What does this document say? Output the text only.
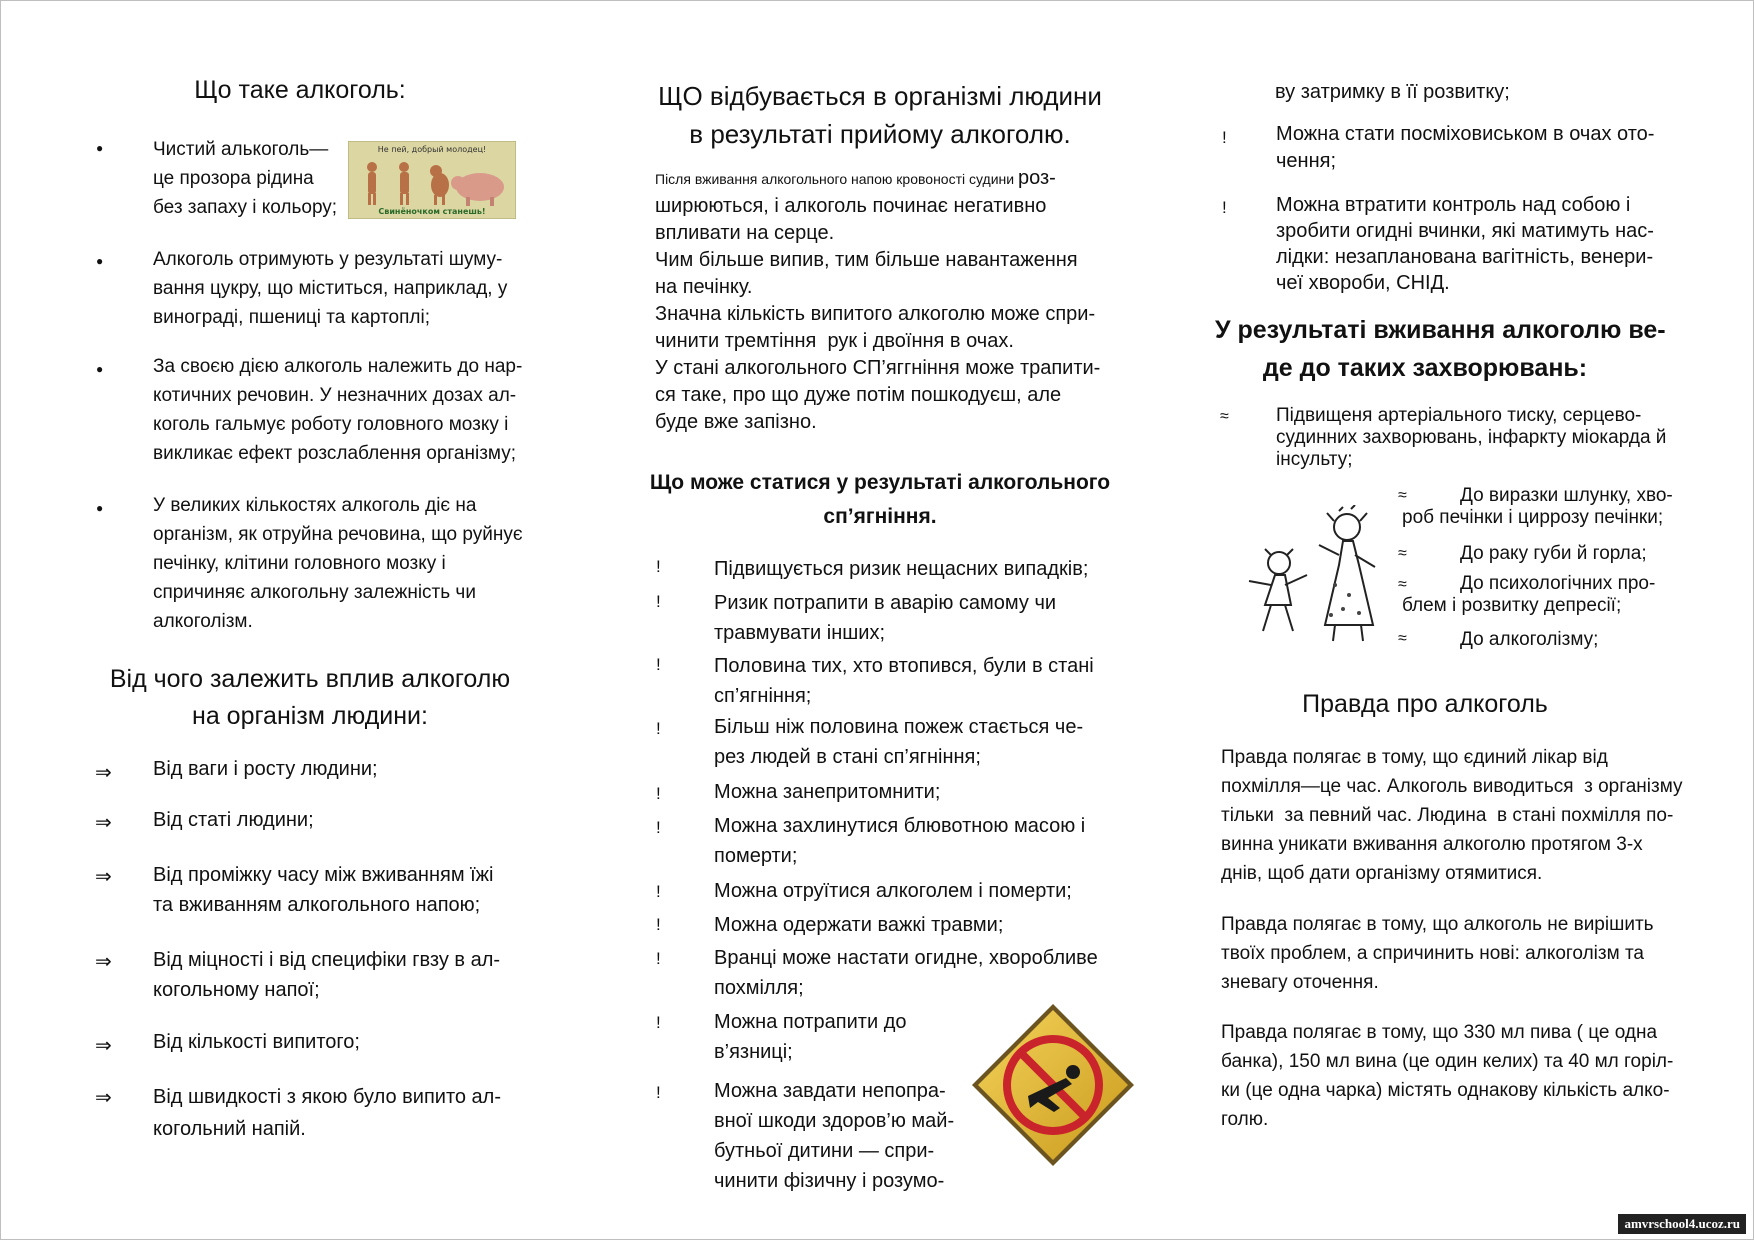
Що таке алкоголь:
Не пей, добрый молодец!
Свинёночком станешь!
●	Чистий алькоголь—
це прозора рідина
без запаху і кольору;
●	Алкоголь отримують у результаті шуму-
вання цукру, що міститься, наприклад, у
винограді, пшениці та картоплі;
●	За своєю дією алкоголь належить до нар-
котичних речовин. У незначних дозах ал-
коголь гальмує роботу головного мозку і
викликає ефект розслаблення організму;
●	У великих кількостях алкоголь діє на
організм, як отруйна речовина, що руйнує
печінку, клітини головного мозку і
спричиняє алкогольну залежність чи
алкоголізм.
Від чого залежить вплив алкоголю
на організм людини:
⇒ Від ваги і росту людини;
⇒ Від статі людини;
⇒ Від проміжку часу між вживанням їжі
та вживанням алкогольного напою;
⇒ Від міцності і від специфіки гвзу в ал-
когольному напої;
⇒ Від кількості випитого;
⇒ Від швидкості з якою було випито ал-
когольний напій.
ЩО відбувається в організмі людини
в результаті прийому алкоголю.
Після вживання алкогольного напою кровоності судини роз-
ширюються, і алкоголь починає негативно
впливати на серце.
Чим більше випив, тим більше навантаження
на печінку.
Значна кількість випитого алкоголю може спри-
чинити тремтіння  рук і двоїння в очах.
У стані алкогольного СП’яггніння може трапити-
ся таке, про що дуже потім пошкодуєш, але
буде вже запізно.
Що може статися у результаті алкогольного
сп’ягніння.
!	Підвищується ризик нещасних випадків;
!	Ризик потрапити в аварію самому чи
травмувати інших;
!	Половина тих, хто втопився, були в стані
сп’ягніння;
!	Більш ніж половина пожеж стається че-
рез людей в стані сп’ягніння;
!	Можна занепритомнити;
!	Можна захлинутися блювотною масою і
померти;
!	Можна отруїтися алкоголем і померти;
!	Можна одержати важкі травми;
!	Вранці може настати огидне, хворобливе
похмілля;
!	Можна потрапити до
в’язниці;
!	Можна завдати непопра-
вної шкоди здоров’ю май-
бутньої дитини — спри-
чинити фізичну і розумо-
ву затримку в її розвитку;
! Можна стати посміховиськом в очах ото-
чення;
! Можна втратити контроль над собою і
зробити огидні вчинки, які матимуть нас-
лідки: незапланована вагітність, венери-
чеї хвороби, СНІД.
У результаті вживання алкоголю ве-
де до таких захворювань:
≈ Підвищеня артеріального тиску, серцево-
судинних захворювань, інфаркту міокарда й
інсульту;
≈	До виразки шлунку, хво-
роб печінки і циррозу печінки;
≈	До раку губи й горла;
≈	До психологічних про-
блем і розвитку депресії;
≈	До алкоголізму;
Правда про алкоголь
Правда полягає в тому, що єдиний лікар від
похмілля—це час. Алкоголь виводиться  з організму
тільки  за певний час. Людина  в стані похмілля по-
винна уникати вживання алкоголю протягом 3-х
днів, щоб дати організму отямитися.
Правда полягає в тому, що алкоголь не вирішить
твоїх проблем, а спричинить нові: алкоголізм та
зневагу оточення.
Правда полягає в тому, що 330 мл пива ( це одна
банка), 150 мл вина (це один келих) та 40 мл горіл-
ки (це одна чарка) містять однакову кількість алко-
голю.
amvrschool4.ucoz.ru
